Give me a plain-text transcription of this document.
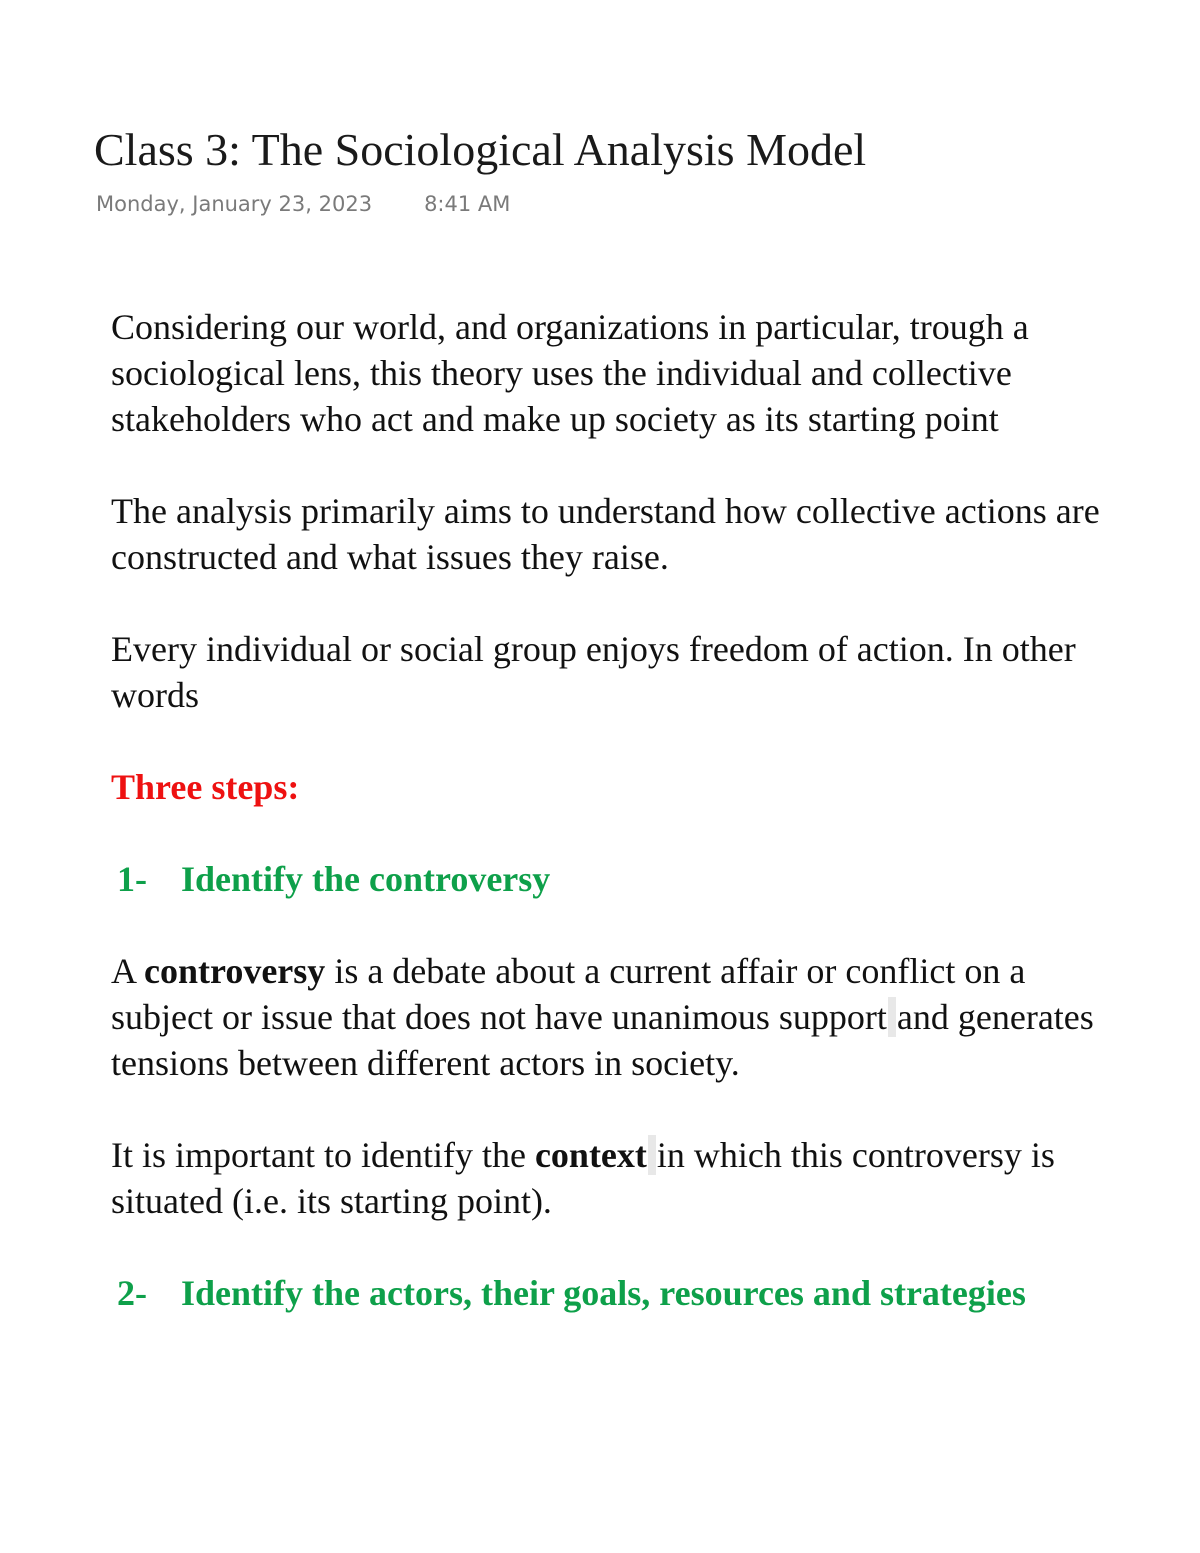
Class 3: The Sociological Analysis Model
Monday, January 23, 2023 8:41 AM

Considering our world, and organizations in particular, trough a sociological lens, this theory uses the individual and collective stakeholders who act and make up society as its starting point

The analysis primarily aims to understand how collective actions are constructed and what issues they raise.

Every individual or social group enjoys freedom of action. In other words

Three steps:

1- Identify the controversy

A controversy is a debate about a current affair or conflict on a subject or issue that does not have unanimous support and generates tensions between different actors in society.

It is important to identify the context in which this controversy is situated (i.e. its starting point).

2- Identify the actors, their goals, resources and strategies
